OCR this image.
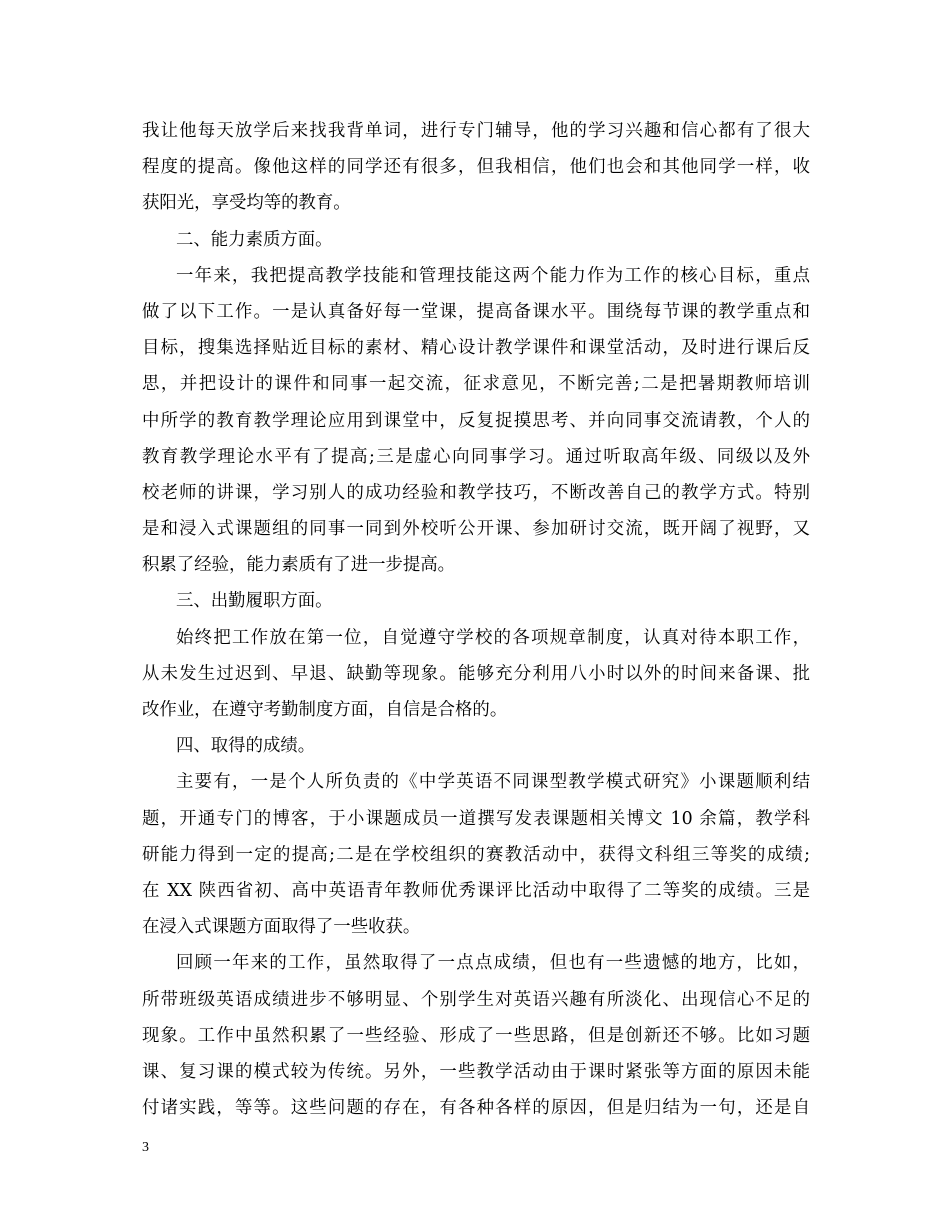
我让他每天放学后来找我背单词，进行专门辅导，他的学习兴趣和信心都有了很大
程度的提高。像他这样的同学还有很多，但我相信，他们也会和其他同学一样，收
获阳光，享受均等的教育。
二、能力素质方面。
一年来，我把提高教学技能和管理技能这两个能力作为工作的核心目标，重点
做了以下工作。一是认真备好每一堂课，提高备课水平。围绕每节课的教学重点和
目标，搜集选择贴近目标的素材、精心设计教学课件和课堂活动，及时进行课后反
思，并把设计的课件和同事一起交流，征求意见，不断完善;二是把暑期教师培训
中所学的教育教学理论应用到课堂中，反复捉摸思考、并向同事交流请教，个人的
教育教学理论水平有了提高;三是虚心向同事学习。通过听取高年级、同级以及外
校老师的讲课，学习别人的成功经验和教学技巧，不断改善自己的教学方式。特别
是和浸入式课题组的同事一同到外校听公开课、参加研讨交流，既开阔了视野，又
积累了经验，能力素质有了进一步提高。
三、出勤履职方面。
始终把工作放在第一位，自觉遵守学校的各项规章制度，认真对待本职工作，
从未发生过迟到、早退、缺勤等现象。能够充分利用八小时以外的时间来备课、批
改作业，在遵守考勤制度方面，自信是合格的。
四、取得的成绩。
主要有，一是个人所负责的《中学英语不同课型教学模式研究》小课题顺利结
题，开通专门的博客，于小课题成员一道撰写发表课题相关博文 10 余篇，教学科
研能力得到一定的提高;二是在学校组织的赛教活动中，获得文科组三等奖的成绩;
在 XX 陕西省初、高中英语青年教师优秀课评比活动中取得了二等奖的成绩。三是
在浸入式课题方面取得了一些收获。
回顾一年来的工作，虽然取得了一点点成绩，但也有一些遗憾的地方，比如，
所带班级英语成绩进步不够明显、个别学生对英语兴趣有所淡化、出现信心不足的
现象。工作中虽然积累了一些经验、形成了一些思路，但是创新还不够。比如习题
课、复习课的模式较为传统。另外，一些教学活动由于课时紧张等方面的原因未能
付诸实践，等等。这些问题的存在，有各种各样的原因，但是归结为一句，还是自
3
